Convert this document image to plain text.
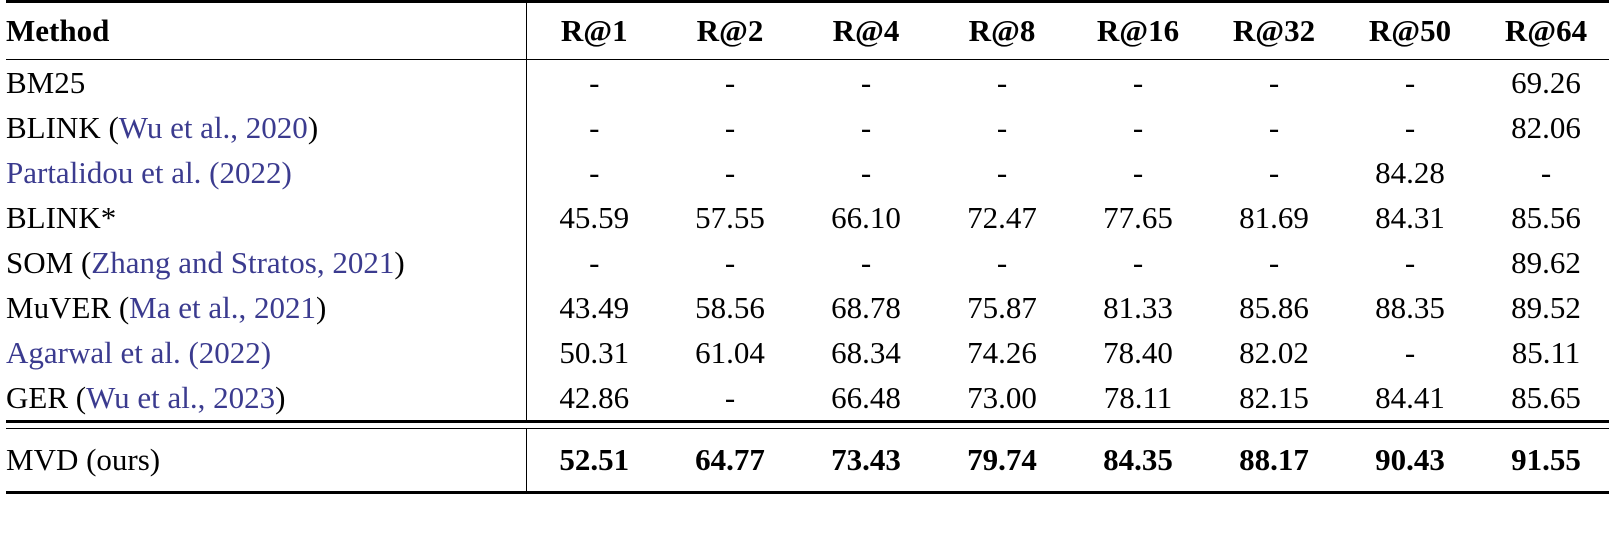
Method	R@1	R@2	R@4	R@8	R@16	R@32	R@50	R@64
BM25	-	-	-	-	-	-	-	69.26
BLINK (Wu et al., 2020)	-	-	-	-	-	-	-	82.06
Partalidou et al. (2022)	-	-	-	-	-	-	84.28	-
BLINK*	45.59	57.55	66.10	72.47	77.65	81.69	84.31	85.56
SOM (Zhang and Stratos, 2021)	-	-	-	-	-	-	-	89.62
MuVER (Ma et al., 2021)	43.49	58.56	68.78	75.87	81.33	85.86	88.35	89.52
Agarwal et al. (2022)	50.31	61.04	68.34	74.26	78.40	82.02	-	85.11
GER (Wu et al., 2023)	42.86	-	66.48	73.00	78.11	82.15	84.41	85.65

MVD (ours)	52.51	64.77	73.43	79.74	84.35	88.17	90.43	91.55
